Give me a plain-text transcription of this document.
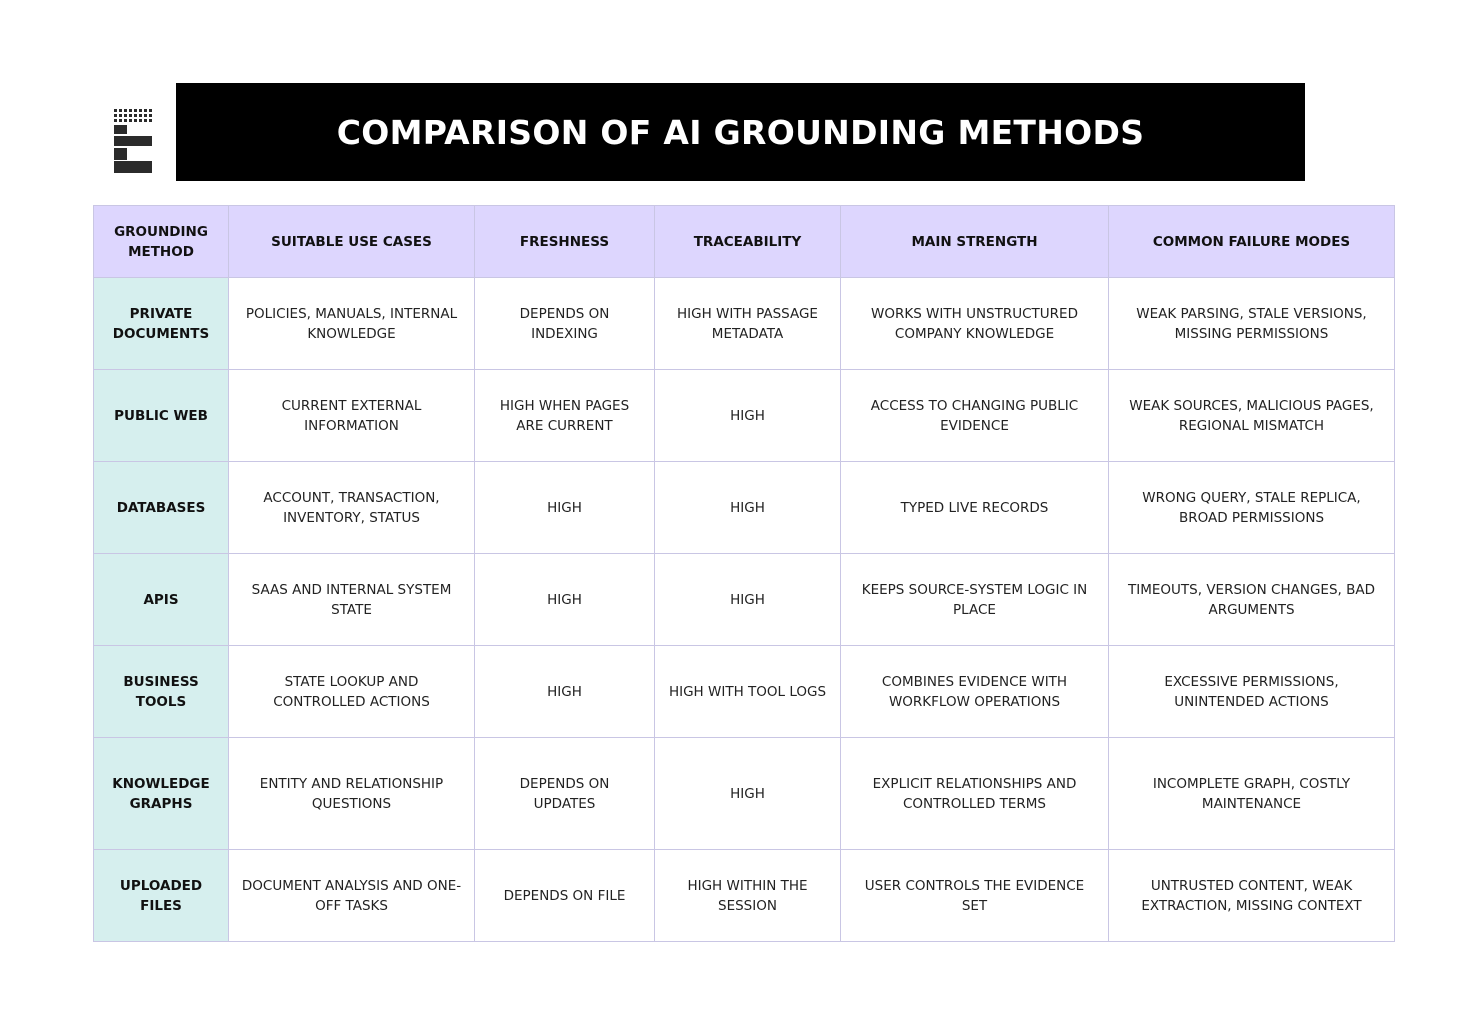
COMPARISON OF AI GROUNDING METHODS
GROUNDING METHOD	SUITABLE USE CASES	FRESHNESS	TRACEABILITY	MAIN STRENGTH	COMMON FAILURE MODES
PRIVATE DOCUMENTS	POLICIES, MANUALS, INTERNAL KNOWLEDGE	DEPENDS ON INDEXING	HIGH WITH PASSAGE METADATA	WORKS WITH UNSTRUCTURED COMPANY KNOWLEDGE	WEAK PARSING, STALE VERSIONS, MISSING PERMISSIONS
PUBLIC WEB	CURRENT EXTERNAL INFORMATION	HIGH WHEN PAGES ARE CURRENT	HIGH	ACCESS TO CHANGING PUBLIC EVIDENCE	WEAK SOURCES, MALICIOUS PAGES, REGIONAL MISMATCH
DATABASES	ACCOUNT, TRANSACTION, INVENTORY, STATUS	HIGH	HIGH	TYPED LIVE RECORDS	WRONG QUERY, STALE REPLICA, BROAD PERMISSIONS
APIS	SAAS AND INTERNAL SYSTEM STATE	HIGH	HIGH	KEEPS SOURCE-SYSTEM LOGIC IN PLACE	TIMEOUTS, VERSION CHANGES, BAD ARGUMENTS
BUSINESS TOOLS	STATE LOOKUP AND CONTROLLED ACTIONS	HIGH	HIGH WITH TOOL LOGS	COMBINES EVIDENCE WITH WORKFLOW OPERATIONS	EXCESSIVE PERMISSIONS, UNINTENDED ACTIONS
KNOWLEDGE GRAPHS	ENTITY AND RELATIONSHIP QUESTIONS	DEPENDS ON UPDATES	HIGH	EXPLICIT RELATIONSHIPS AND CONTROLLED TERMS	INCOMPLETE GRAPH, COSTLY MAINTENANCE
UPLOADED FILES	DOCUMENT ANALYSIS AND ONE-OFF TASKS	DEPENDS ON FILE	HIGH WITHIN THE SESSION	USER CONTROLS THE EVIDENCE SET	UNTRUSTED CONTENT, WEAK EXTRACTION, MISSING CONTEXT
